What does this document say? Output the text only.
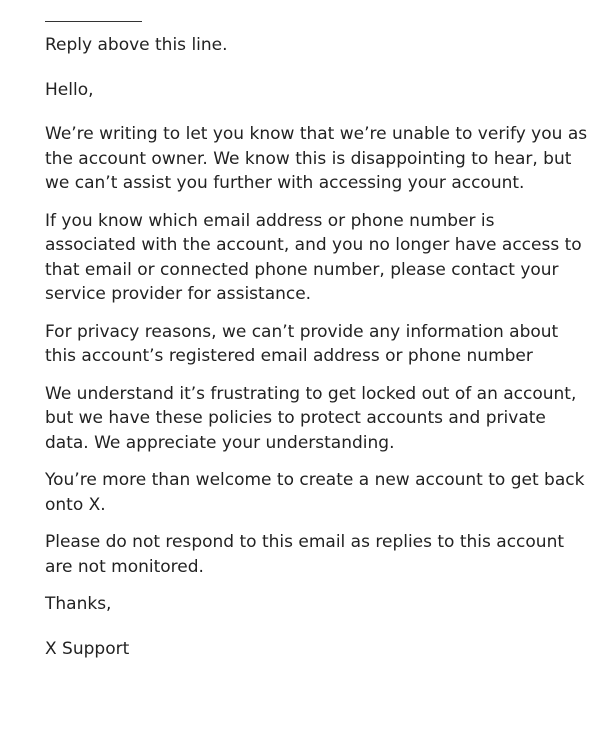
Reply above this line.

Hello,

We’re writing to let you know that we’re unable to verify you as the account owner. We know this is disappointing to hear, but we can’t assist you further with accessing your account.

If you know which email address or phone number is associated with the account, and you no longer have access to that email or connected phone number, please contact your service provider for assistance.

For privacy reasons, we can’t provide any information about this account’s registered email address or phone number

We understand it’s frustrating to get locked out of an account, but we have these policies to protect accounts and private data. We appreciate your understanding.

You’re more than welcome to create a new account to get back onto X.

Please do not respond to this email as replies to this account are not monitored.

Thanks,

X Support
